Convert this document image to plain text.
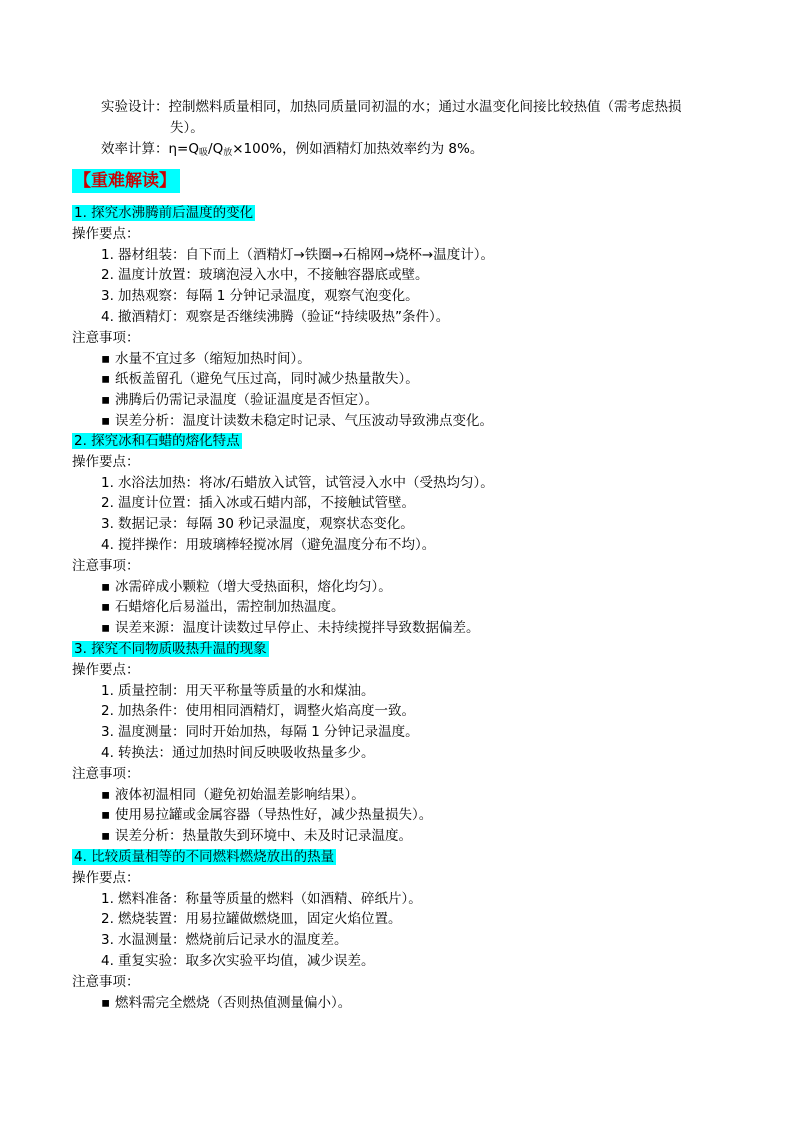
实验设计：控制燃料质量相同，加热同质量同初温的水；通过水温变化间接比较热值（需考虑热损
失）。
效率计算：$\eta=Q_吸/Q_放\times 100\%$，例如酒精灯加热效率约为 8%。
【重难解读】
1. 探究水沸腾前后温度的变化
操作要点：
1. 器材组装：自下而上（酒精灯→铁圈→石棉网→烧杯→温度计）。
2. 温度计放置：玻璃泡浸入水中，不接触容器底或壁。
3. 加热观察：每隔 1 分钟记录温度，观察气泡变化。
4. 撤酒精灯：观察是否继续沸腾（验证“持续吸热”条件）。
注意事项：
▪ 水量不宜过多（缩短加热时间）。
▪ 纸板盖留孔（避免气压过高，同时减少热量散失）。
▪ 沸腾后仍需记录温度（验证温度是否恒定）。
▪ 误差分析：温度计读数未稳定时记录、气压波动导致沸点变化。
2. 探究冰和石蜡的熔化特点
操作要点：
1. 水浴法加热：将冰/石蜡放入试管，试管浸入水中（受热均匀）。
2. 温度计位置：插入冰或石蜡内部，不接触试管壁。
3. 数据记录：每隔 30 秒记录温度，观察状态变化。
4. 搅拌操作：用玻璃棒轻搅冰屑（避免温度分布不均）。
注意事项：
▪ 冰需碎成小颗粒（增大受热面积，熔化均匀）。
▪ 石蜡熔化后易溢出，需控制加热温度。
▪ 误差来源：温度计读数过早停止、未持续搅拌导致数据偏差。
3. 探究不同物质吸热升温的现象
操作要点：
1. 质量控制：用天平称量等质量的水和煤油。
2. 加热条件：使用相同酒精灯，调整火焰高度一致。
3. 温度测量：同时开始加热，每隔 1 分钟记录温度。
4. 转换法：通过加热时间反映吸收热量多少。
注意事项：
▪ 液体初温相同（避免初始温差影响结果）。
▪ 使用易拉罐或金属容器（导热性好，减少热量损失）。
▪ 误差分析：热量散失到环境中、未及时记录温度。
4. 比较质量相等的不同燃料燃烧放出的热量
操作要点：
1. 燃料准备：称量等质量的燃料（如酒精、碎纸片）。
2. 燃烧装置：用易拉罐做燃烧皿，固定火焰位置。
3. 水温测量：燃烧前后记录水的温度差。
4. 重复实验：取多次实验平均值，减少误差。
注意事项：
▪ 燃料需完全燃烧（否则热值测量偏小）。
